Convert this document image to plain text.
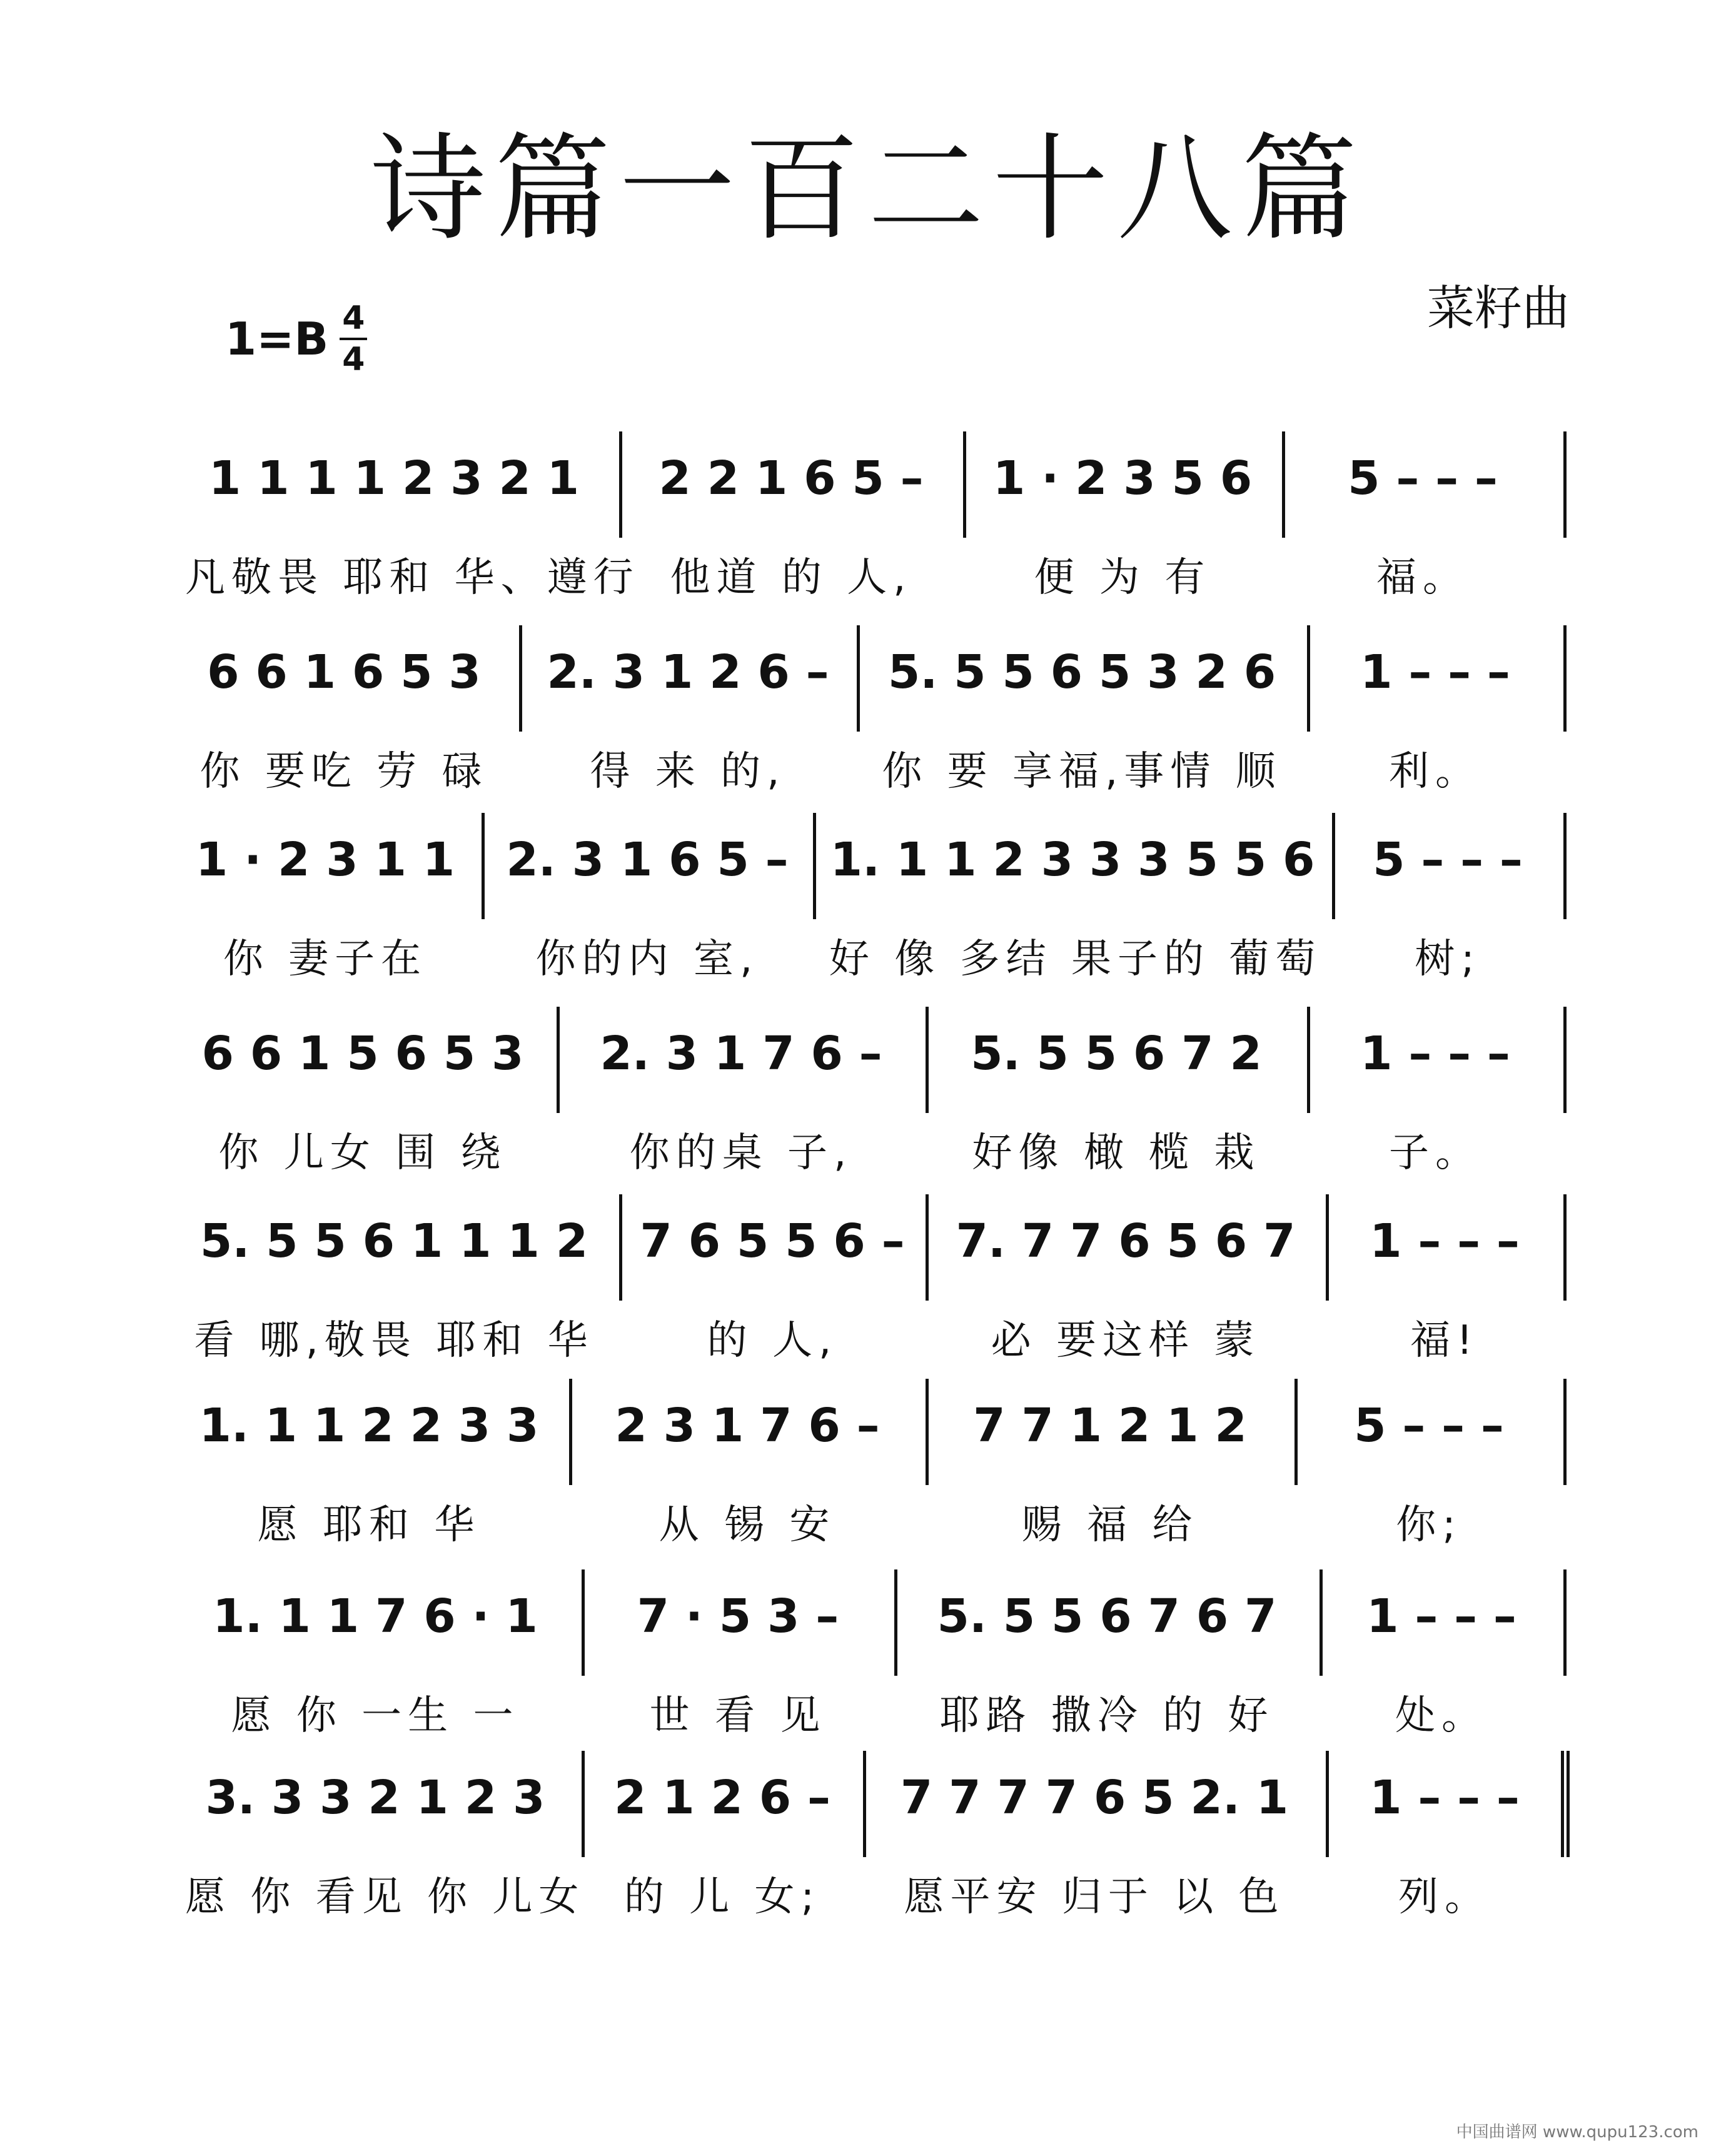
诗篇一百二十八篇
菜籽曲
$1=B \frac{4}{4}$
1 1 1 1 2 3 2 1
凡敬畏 耶和 华、遵行
2 2 1 6 5 –
他道 的 人,
1 · 2 3 5 6
便 为 有
5 – – –
福。
6 6 1 6 5 3
你 要吃 劳 碌
2. 3 1 2 6 –
得 来 的,
5. 5 5 6 5 3 2 6
你 要 享福,事情 顺
1 – – –
利。
1 · 2 3 1 1
你 妻子在
2. 3 1 6 5 –
你的内 室,
1. 1 1 2 3 3 3 5 5 6
好 像 多结 果子的 葡萄
5 – – –
树;
6 6 1 5 6 5 3
你 儿女 围 绕
2. 3 1 7 6 –
你的桌 子,
5. 5 5 6 7 2
好像 橄 榄 栽
1 – – –
子。
5. 5 5 6 1 1 1 2
看 哪,敬畏 耶和 华
7 6 5 5 6 –
的 人,
7. 7 7 6 5 6 7
必 要这样 蒙
1 – – –
福!
1. 1 1 2 2 3 3
愿 耶和 华
2 3 1 7 6 –
从 锡 安
7 7 1 2 1 2
赐 福 给
5 – – –
你;
1. 1 1 7 6 · 1
愿 你 一生 一
7 · 5 3 –
世 看 见
5. 5 5 6 7 6 7
耶路 撒冷 的 好
1 – – –
处。
3. 3 3 2 1 2 3
愿 你 看见 你 儿女
2 1 2 6 –
的 儿 女;
7 7 7 7 6 5 2. 1
愿平安 归于 以 色
1 – – –
列。
中国曲谱网 www.qupu123.com
